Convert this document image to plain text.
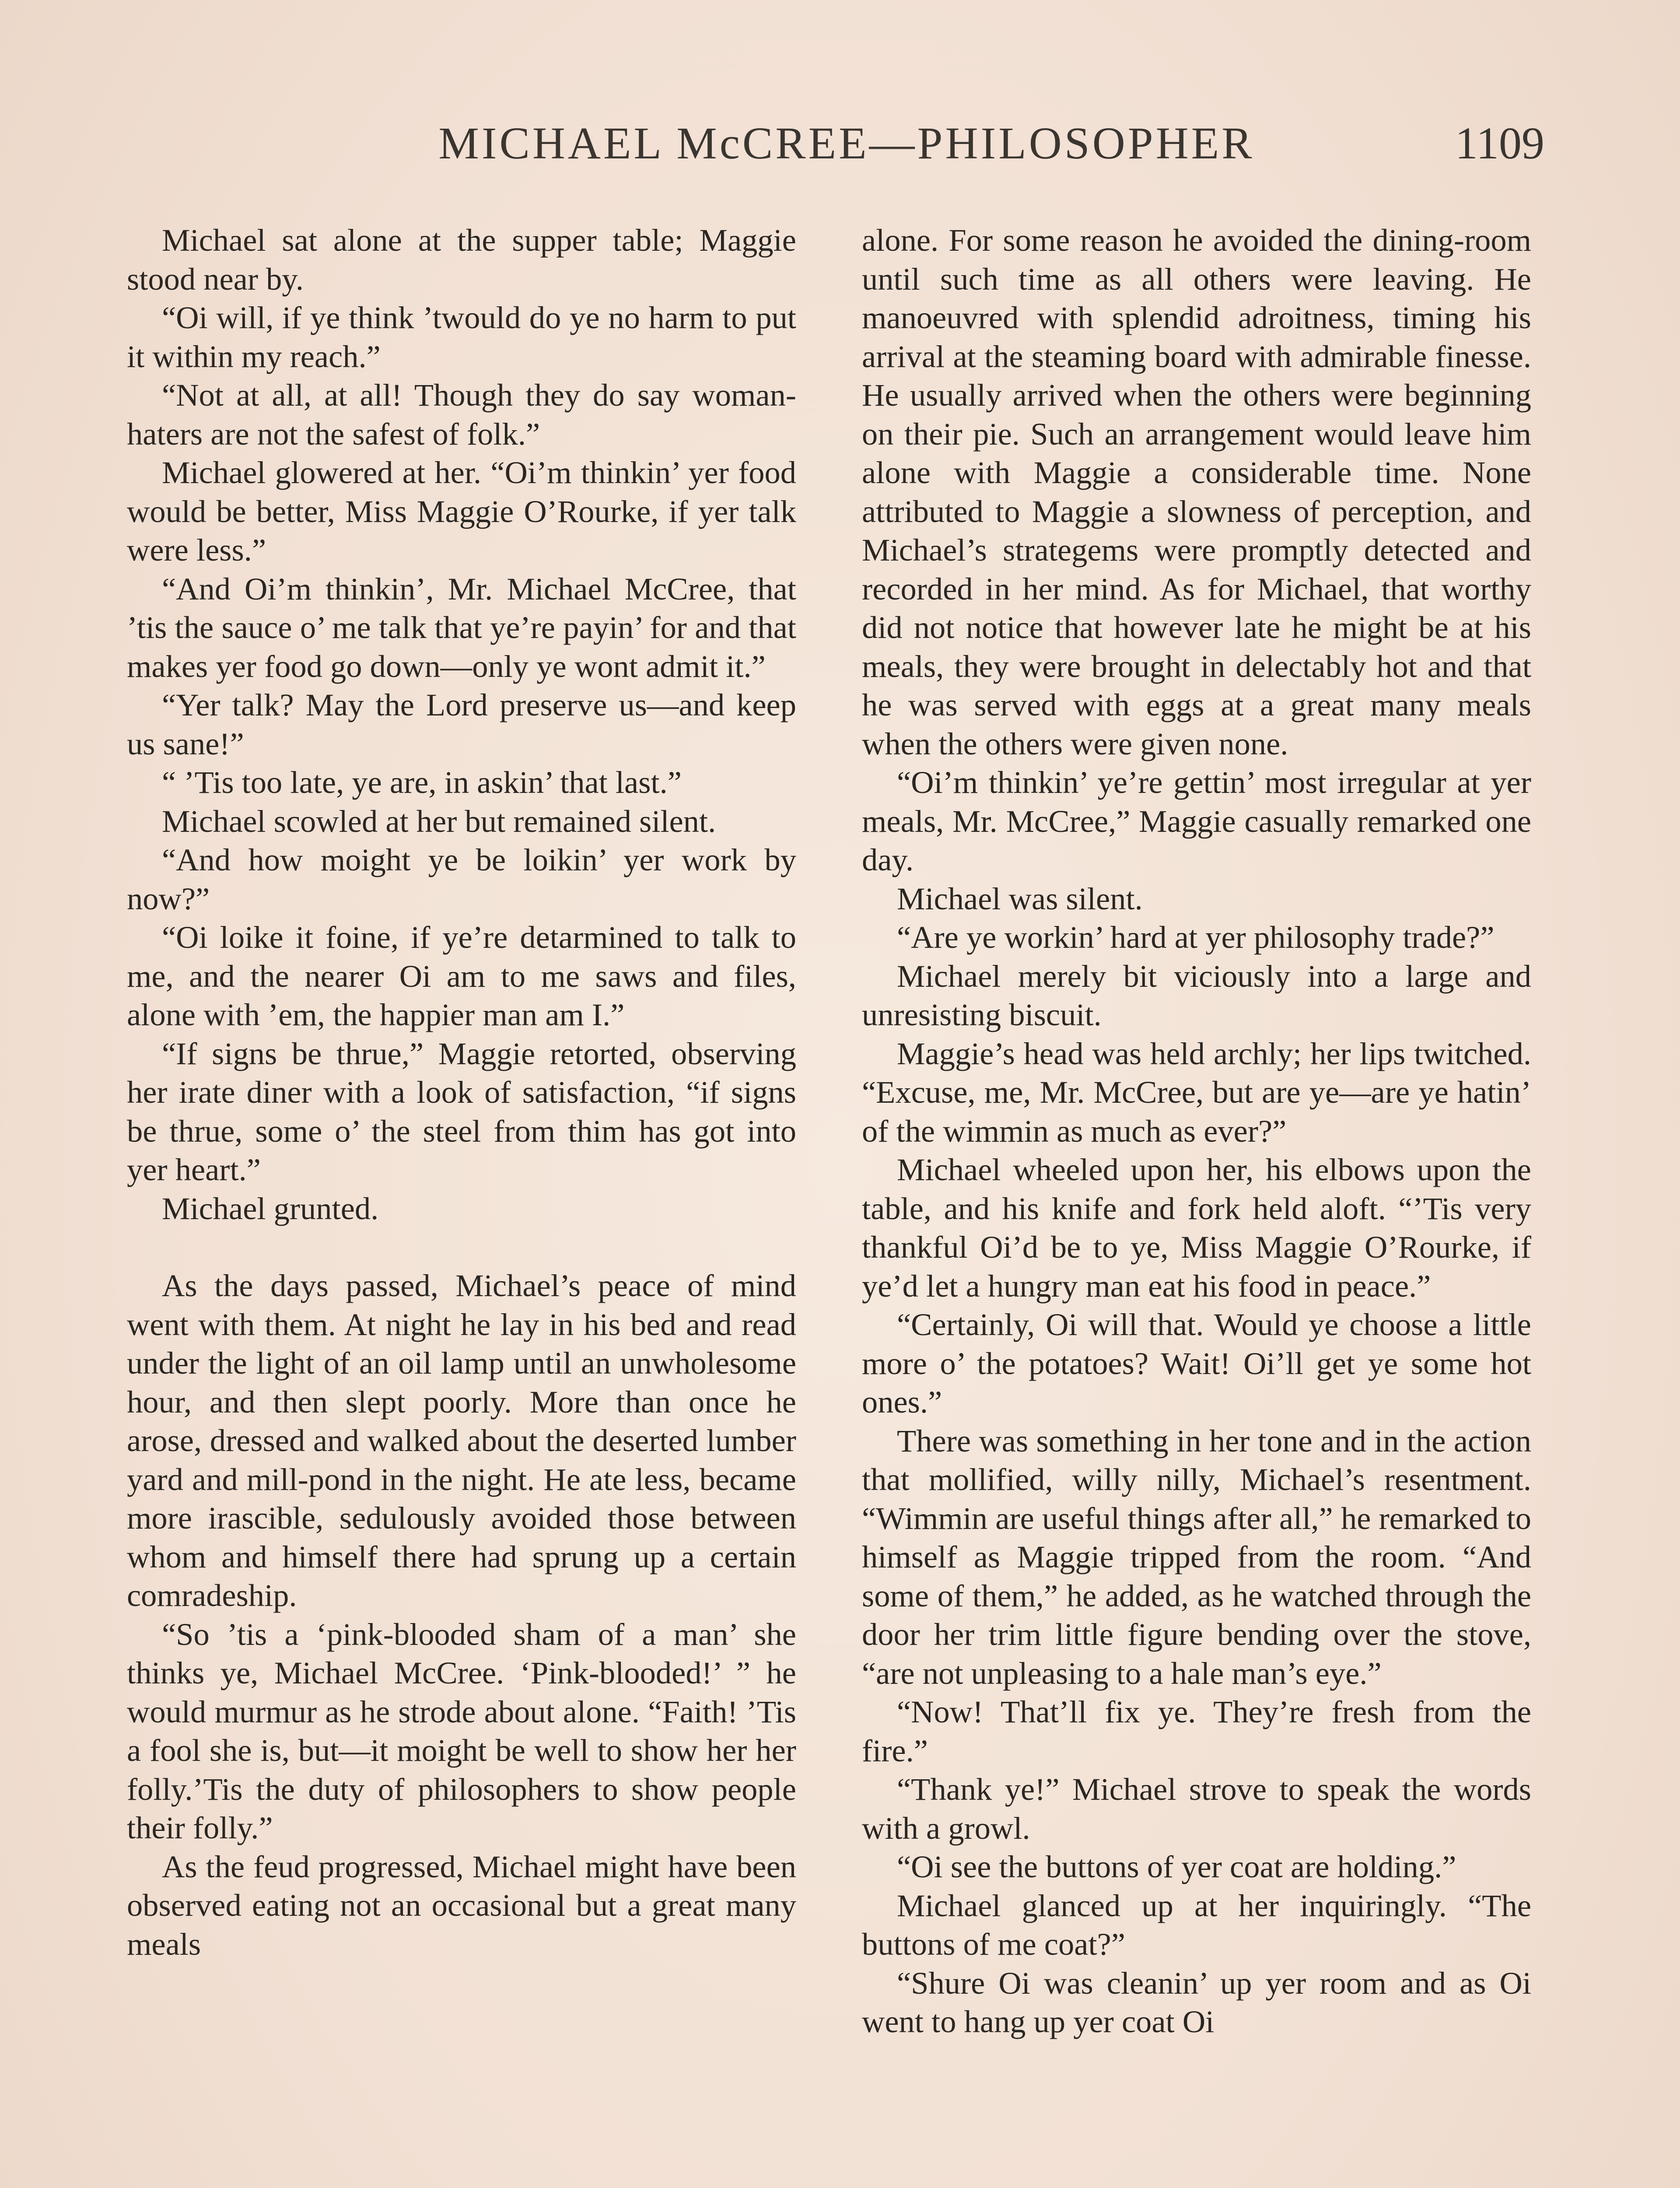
MICHAEL McCREE—PHILOSOPHER	1109

Michael sat alone at the supper table; Maggie stood near by.

“Oi will, if ye think ’twould do ye no harm to put it within my reach.”

“Not at all, at all! Though they do say woman-haters are not the safest of folk.”

Michael glowered at her. “Oi’m thinkin’ yer food would be better, Miss Maggie O’Rourke, if yer talk were less.”

“And Oi’m thinkin’, Mr. Michael McCree, that ’tis the sauce o’ me talk that ye’re payin’ for and that makes yer food go down—only ye wont admit it.”

“Yer talk? May the Lord preserve us—and keep us sane!”

“ ’Tis too late, ye are, in askin’ that last.”

Michael scowled at her but remained silent.

“And how moight ye be loikin’ yer work by now?”

“Oi loike it foine, if ye’re detarmined to talk to me, and the nearer Oi am to me saws and files, alone with ’em, the happier man am I.”

“If signs be thrue,” Maggie retorted, observing her irate diner with a look of satisfaction, “if signs be thrue, some o’ the steel from thim has got into yer heart.”

Michael grunted.

As the days passed, Michael’s peace of mind went with them. At night he lay in his bed and read under the light of an oil lamp until an unwholesome hour, and then slept poorly. More than once he arose, dressed and walked about the deserted lumber yard and mill-pond in the night. He ate less, became more irascible, sedulously avoided those between whom and himself there had sprung up a certain comradeship.

“So ’tis a ‘pink-blooded sham of a man’ she thinks ye, Michael McCree. ‘Pink-blooded!’ ” he would murmur as he strode about alone. “Faith! ’Tis a fool she is, but—it moight be well to show her her folly.’Tis the duty of philosophers to show people their folly.”

As the feud progressed, Michael might have been observed eating not an occasional but a great many meals

alone. For some reason he avoided the dining-room until such time as all others were leaving. He manoeuvred with splendid adroitness, timing his arrival at the steaming board with admirable finesse. He usually arrived when the others were beginning on their pie. Such an arrangement would leave him alone with Maggie a considerable time. None attributed to Maggie a slowness of perception, and Michael’s strategems were promptly detected and recorded in her mind. As for Michael, that worthy did not notice that however late he might be at his meals, they were brought in delectably hot and that he was served with eggs at a great many meals when the others were given none.

“Oi’m thinkin’ ye’re gettin’ most irregular at yer meals, Mr. McCree,” Maggie casually remarked one day.

Michael was silent.

“Are ye workin’ hard at yer philosophy trade?”

Michael merely bit viciously into a large and unresisting biscuit.

Maggie’s head was held archly; her lips twitched. “Excuse, me, Mr. McCree, but are ye—are ye hatin’ of the wimmin as much as ever?”

Michael wheeled upon her, his elbows upon the table, and his knife and fork held aloft. “’Tis very thankful Oi’d be to ye, Miss Maggie O’Rourke, if ye’d let a hungry man eat his food in peace.”

“Certainly, Oi will that. Would ye choose a little more o’ the potatoes? Wait! Oi’ll get ye some hot ones.”

There was something in her tone and in the action that mollified, willy nilly, Michael’s resentment. “Wimmin are useful things after all,” he remarked to himself as Maggie tripped from the room. “And some of them,” he added, as he watched through the door her trim little figure bending over the stove, “are not unpleasing to a hale man’s eye.”

“Now! That’ll fix ye. They’re fresh from the fire.”

“Thank ye!” Michael strove to speak the words with a growl.

“Oi see the buttons of yer coat are holding.”

Michael glanced up at her inquiringly. “The buttons of me coat?”

“Shure Oi was cleanin’ up yer room and as Oi went to hang up yer coat Oi
